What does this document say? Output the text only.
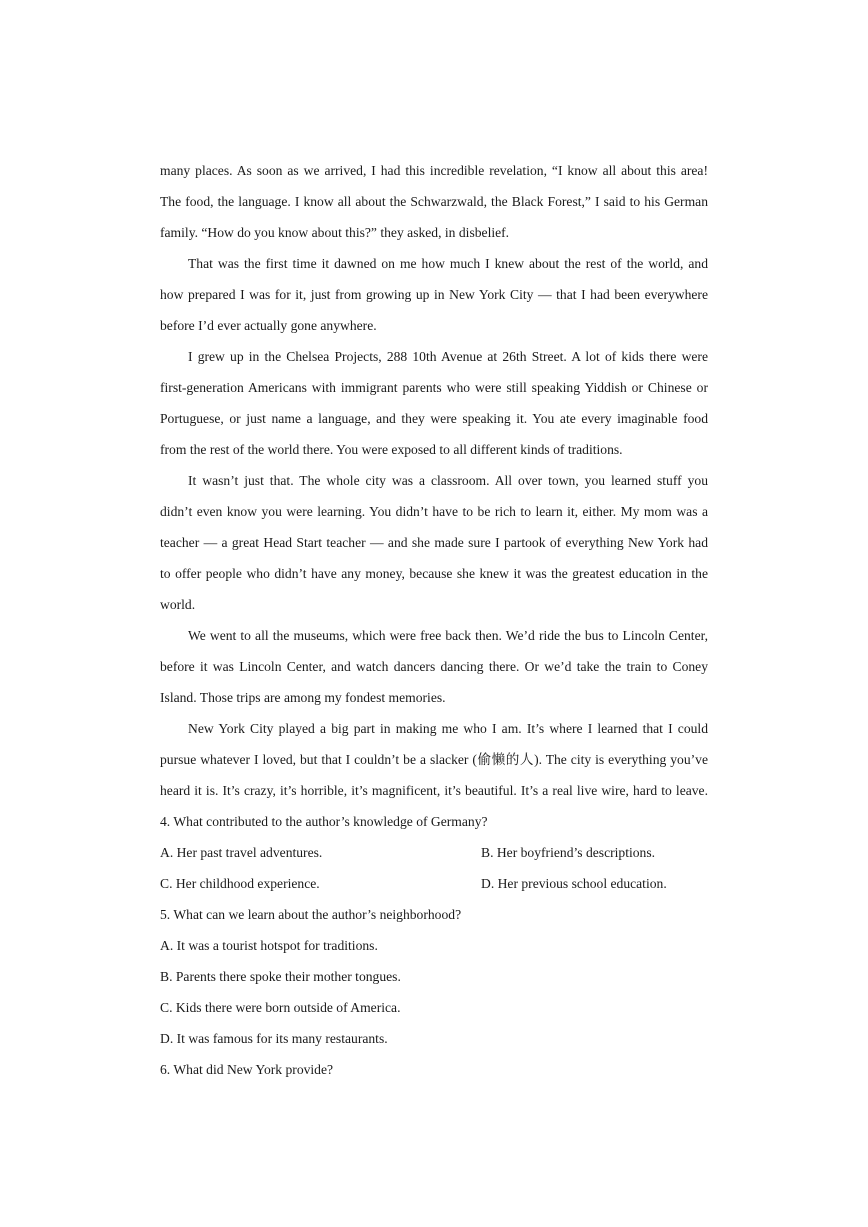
many places. As soon as we arrived, I had this incredible revelation, “I know all about this area!
The food, the language. I know all about the Schwarzwald, the Black Forest,” I said to his German
family. “How do you know about this?” they asked, in disbelief.
That was the first time it dawned on me how much I knew about the rest of the world, and
how prepared I was for it, just from growing up in New York City — that I had been everywhere
before I’d ever actually gone anywhere.
I grew up in the Chelsea Projects, 288 10th Avenue at 26th Street. A lot of kids there were
first-generation Americans with immigrant parents who were still speaking Yiddish or Chinese or
Portuguese, or just name a language, and they were speaking it. You ate every imaginable food
from the rest of the world there. You were exposed to all different kinds of traditions.
It wasn’t just that. The whole city was a classroom. All over town, you learned stuff you
didn’t even know you were learning. You didn’t have to be rich to learn it, either. My mom was a
teacher — a great Head Start teacher — and she made sure I partook of everything New York had
to offer people who didn’t have any money, because she knew it was the greatest education in the
world.
We went to all the museums, which were free back then. We’d ride the bus to Lincoln Center,
before it was Lincoln Center, and watch dancers dancing there. Or we’d take the train to Coney
Island. Those trips are among my fondest memories.
New York City played a big part in making me who I am. It’s where I learned that I could
pursue whatever I loved, but that I couldn’t be a slacker (偷懒的人). The city is everything you’ve
heard it is. It’s crazy, it’s horrible, it’s magnificent, it’s beautiful. It’s a real live wire, hard to leave.
4. What contributed to the author’s knowledge of Germany?
A. Her past travel adventures.	B. Her boyfriend’s descriptions.
C. Her childhood experience.	D. Her previous school education.
5. What can we learn about the author’s neighborhood?
A. It was a tourist hotspot for traditions.
B. Parents there spoke their mother tongues.
C. Kids there were born outside of America.
D. It was famous for its many restaurants.
6. What did New York provide?
